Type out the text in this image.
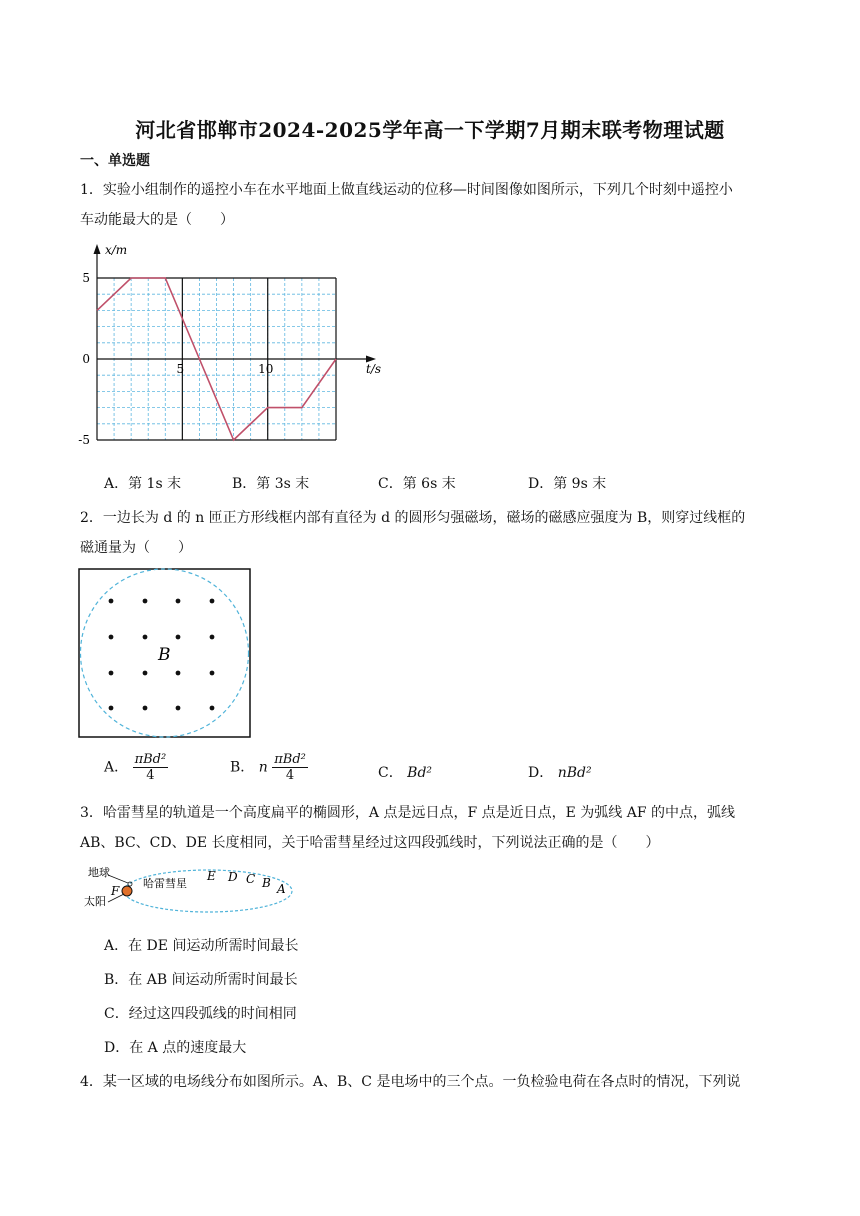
河北省邯郸市2024-2025学年高一下学期7月期末联考物理试题
一、单选题
1．实验小组制作的遥控小车在水平地面上做直线运动的位移—时间图像如图所示，下列几个时刻中遥控小
车动能最大的是（　　）
x/m
t/s
5
0
-5
5	10
A．第 1s 末	B．第 3s 末	C．第 6s 末	D．第 9s 末
2．一边长为 d 的 n 匝正方形线框内部有直径为 d 的圆形匀强磁场，磁场的磁感应强度为 B，则穿过线框的
磁通量为（　　）
B
A． $\frac{\text{πBd²}}{4}$	B． n $\frac{\text{πBd²}}{4}$	C． Bd²	D． nBd²
3．哈雷彗星的轨道是一个高度扁平的椭圆形，A 点是远日点，F 点是近日点，E 为弧线 AF 的中点，弧线
AB、BC、CD、DE 长度相同，关于哈雷彗星经过这四段弧线时，下列说法正确的是（　　）
地球
太阳
F
哈雷彗星
E D C B A
A．在 DE 间运动所需时间最长
B．在 AB 间运动所需时间最长
C．经过这四段弧线的时间相同
D．在 A 点的速度最大
4．某一区域的电场线分布如图所示。A、B、C 是电场中的三个点。一负检验电荷在各点时的情况，下列说
